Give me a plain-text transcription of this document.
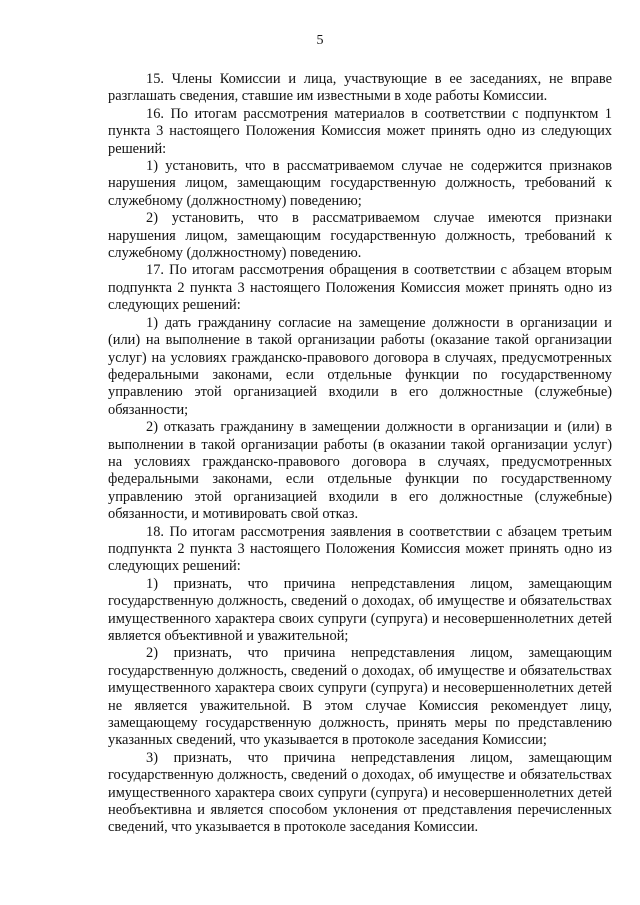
5

15. Члены Комиссии и лица, участвующие в ее заседаниях, не вправе разглашать сведения, ставшие им известными в ходе работы Комиссии.

16. По итогам рассмотрения материалов в соответствии с подпунктом 1 пункта 3 настоящего Положения Комиссия может принять одно из следующих решений:

1) установить, что в рассматриваемом случае не содержится признаков нарушения лицом, замещающим государственную должность, требований к служебному (должностному) поведению;

2) установить, что в рассматриваемом случае имеются признаки нарушения лицом, замещающим государственную должность, требований к служебному (должностному) поведению.

17. По итогам рассмотрения обращения в соответствии с абзацем вторым подпункта 2 пункта 3 настоящего Положения Комиссия может принять одно из следующих решений:

1) дать гражданину согласие на замещение должности в организации и (или) на выполнение в такой организации работы (оказание такой организации услуг) на условиях гражданско-правового договора в случаях, предусмотренных федеральными законами, если отдельные функции по государственному управлению этой организацией входили в его должностные (служебные) обязанности;

2) отказать гражданину в замещении должности в организации и (или) в выполнении в такой организации работы (в оказании такой организации услуг) на условиях гражданско-правового договора в случаях, предусмотренных федеральными законами, если отдельные функции по государственному управлению этой организацией входили в его должностные (служебные) обязанности, и мотивировать свой отказ.

18. По итогам рассмотрения заявления в соответствии с абзацем третьим подпункта 2 пункта 3 настоящего Положения Комиссия может принять одно из следующих решений:

1) признать, что причина непредставления лицом, замещающим государственную должность, сведений о доходах, об имуществе и обязательствах имущественного характера своих супруги (супруга) и несовершеннолетних детей является объективной и уважительной;

2) признать, что причина непредставления лицом, замещающим государственную должность, сведений о доходах, об имуществе и обязательствах имущественного характера своих супруги (супруга) и несовершеннолетних детей не является уважительной. В этом случае Комиссия рекомендует лицу, замещающему государственную должность, принять меры по представлению указанных сведений, что указывается в протоколе заседания Комиссии;

3) признать, что причина непредставления лицом, замещающим государственную должность, сведений о доходах, об имуществе и обязательствах имущественного характера своих супруги (супруга) и несовершеннолетних детей необъективна и является способом уклонения от представления перечисленных сведений, что указывается в протоколе заседания Комиссии.
